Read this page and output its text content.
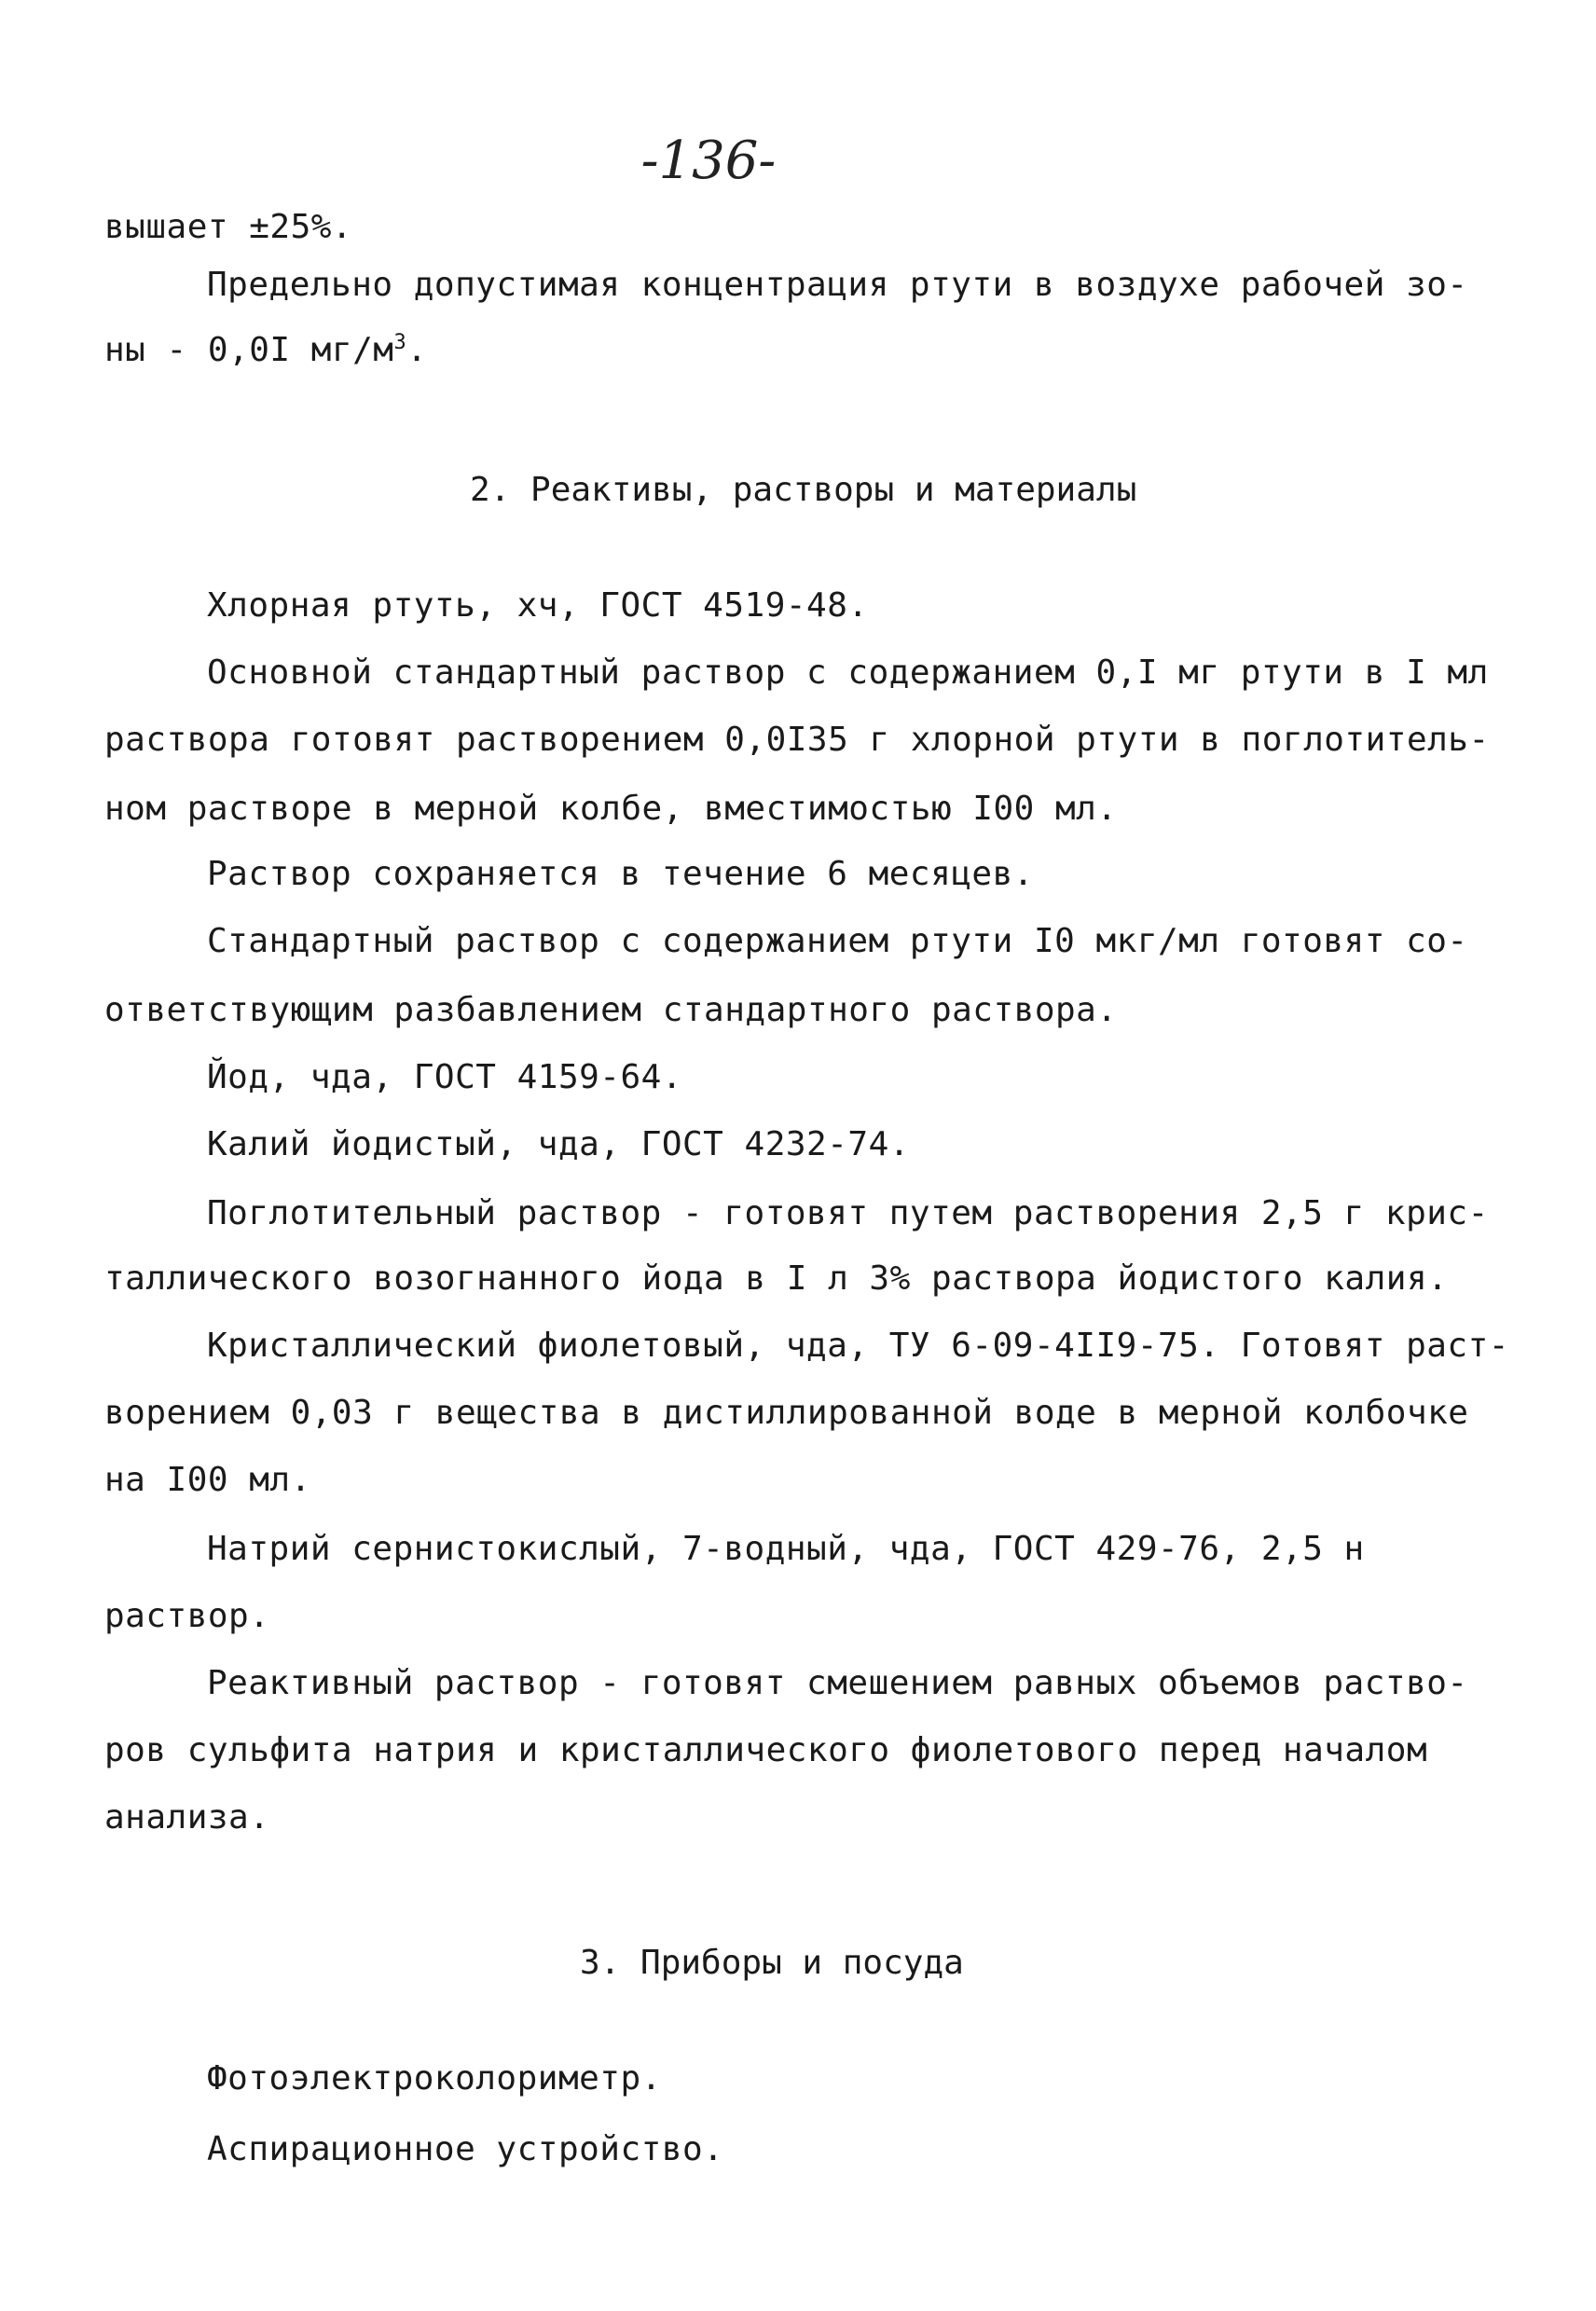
-136-
вышает ±25%.
Предельно допустимая концентрация ртути в воздухе рабочей зо-
ны - 0,0I $мг/м^3$.
2. Реактивы, растворы и материалы
Хлорная ртуть, хч, ГОСТ 4519-48.
Основной стандартный раствор с содержанием 0,I мг ртути в I мл
раствора готовят растворением 0,0I35 г хлорной ртути в поглотитель-
ном растворе в мерной колбе, вместимостью I00 мл.
Раствор сохраняется в течение 6 месяцев.
Стандартный раствор с содержанием ртути I0 мкг/мл готовят со-
ответствующим разбавлением стандартного раствора.
Йод, чда, ГОСТ 4159-64.
Калий йодистый, чда, ГОСТ 4232-74.
Поглотительный раствор - готовят путем растворения 2,5 г крис-
таллического возогнанного йода в I л 3% раствора йодистого калия.
Кристаллический фиолетовый, чда, ТУ 6-09-4II9-75. Готовят раст-
ворением 0,03 г вещества в дистиллированной воде в мерной колбочке
на I00 мл.
Натрий сернистокислый, 7-водный, чда, ГОСТ 429-76, 2,5 н
раствор.
Реактивный раствор - готовят смешением равных объемов раство-
ров сульфита натрия и кристаллического фиолетового перед началом
анализа.
3. Приборы и посуда
Фотоэлектроколориметр.
Аспирационное устройство.
